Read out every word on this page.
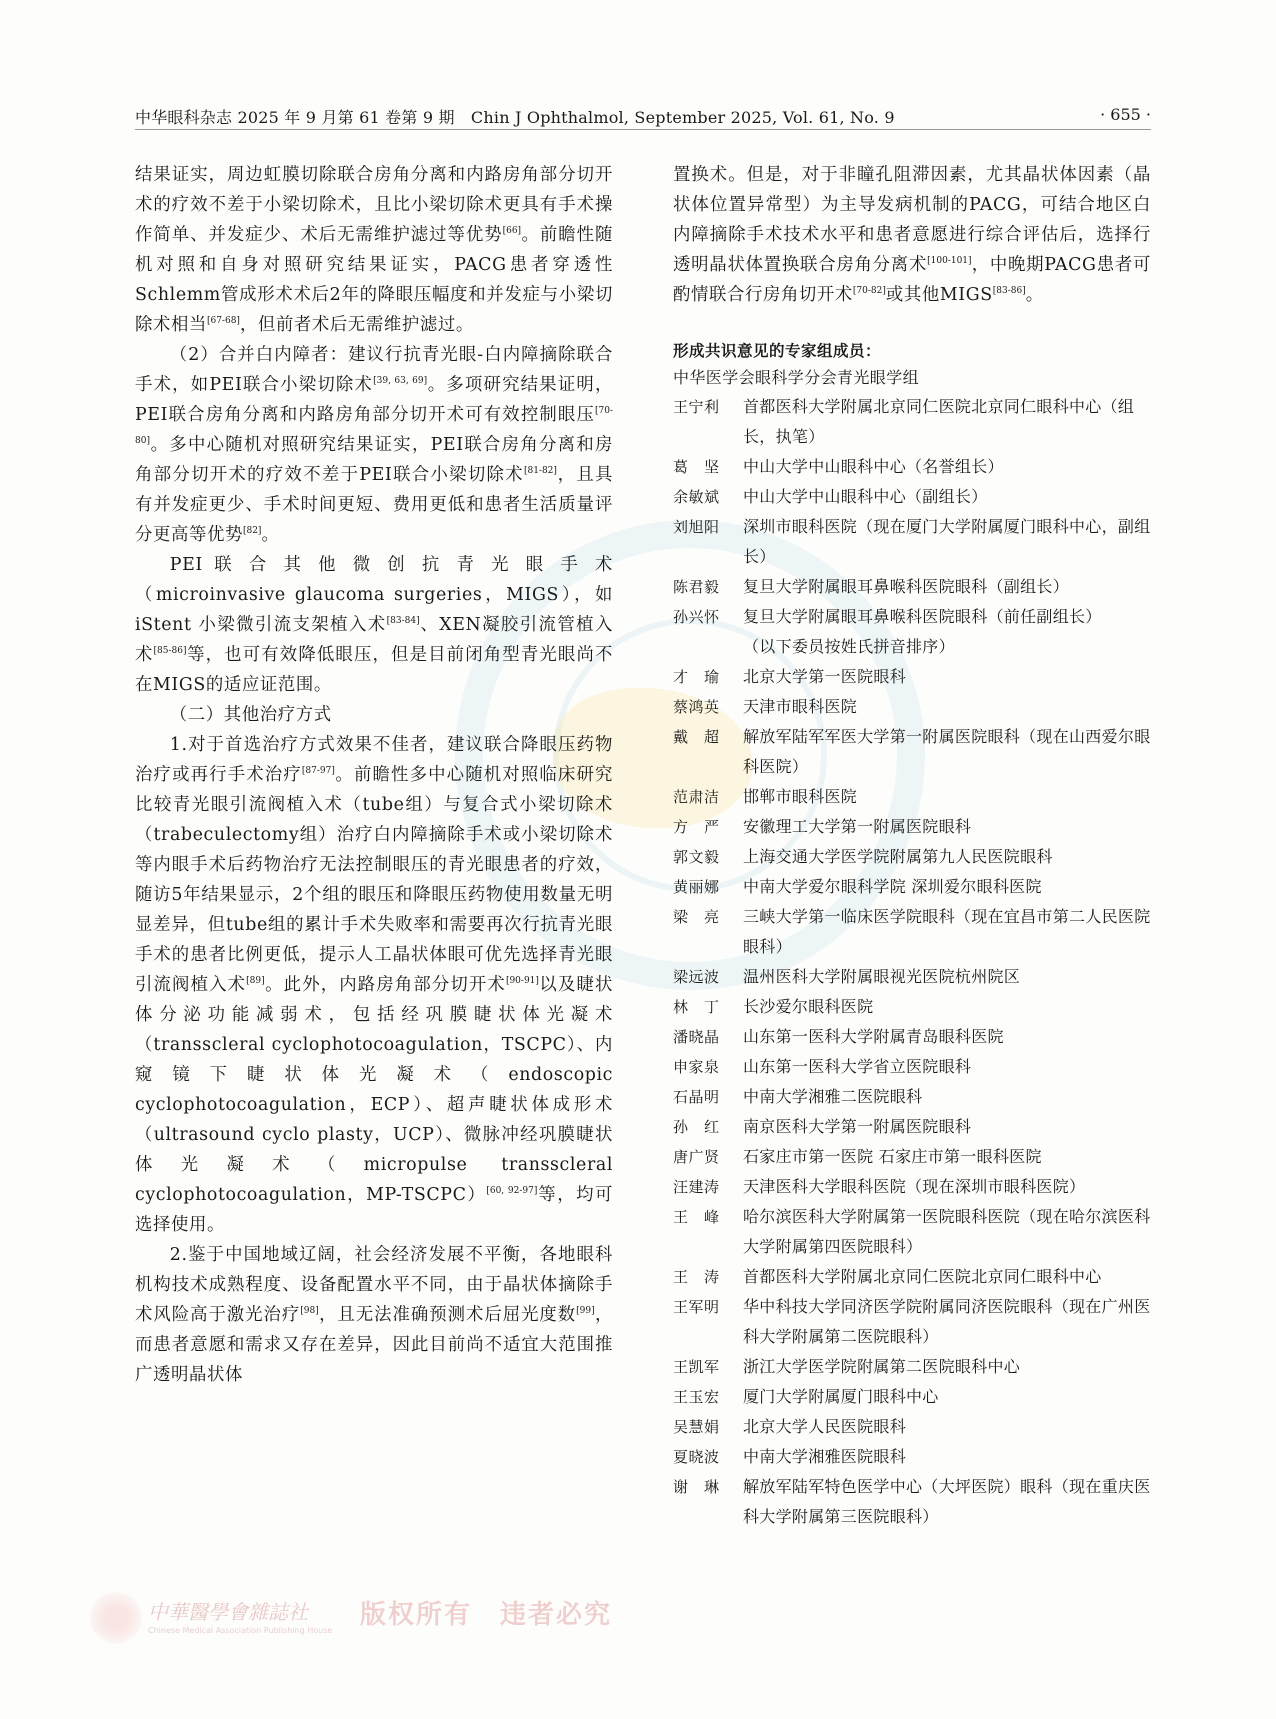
中华眼科杂志 2025 年 9 月第 61 卷第 9 期　Chin J Ophthalmol, September 2025, Vol. 61, No. 9	· 655 ·

结果证实，周边虹膜切除联合房角分离和内路房角部分切开术的疗效不差于小梁切除术，且比小梁切除术更具有手术操作简单、并发症少、术后无需维护滤过等优势[66]。前瞻性随机对照和自身对照研究结果证实，PACG患者穿透性Schlemm管成形术术后2年的降眼压幅度和并发症与小梁切除术相当[67-68]，但前者术后无需维护滤过。

（2）合并白内障者：建议行抗青光眼-白内障摘除联合手术，如PEI联合小梁切除术[39, 63, 69]。多项研究结果证明，PEI联合房角分离和内路房角部分切开术可有效控制眼压[70-80]。多中心随机对照研究结果证实，PEI联合房角分离和房角部分切开术的疗效不差于PEI联合小梁切除术[81-82]，且具有并发症更少、手术时间更短、费用更低和患者生活质量评分更高等优势[82]。

PEI 联 合 其 他 微 创 抗 青 光 眼 手 术（microinvasive glaucoma surgeries，MIGS），如 iStent 小梁微引流支架植入术[83-84]、XEN凝胶引流管植入术[85-86]等，也可有效降低眼压，但是目前闭角型青光眼尚不在MIGS的适应证范围。

（二）其他治疗方式

1.对于首选治疗方式效果不佳者，建议联合降眼压药物治疗或再行手术治疗[87-97]。前瞻性多中心随机对照临床研究比较青光眼引流阀植入术（tube组）与复合式小梁切除术（trabeculectomy组）治疗白内障摘除手术或小梁切除术等内眼手术后药物治疗无法控制眼压的青光眼患者的疗效，随访5年结果显示，2个组的眼压和降眼压药物使用数量无明显差异，但tube组的累计手术失败率和需要再次行抗青光眼手术的患者比例更低，提示人工晶状体眼可优先选择青光眼引流阀植入术[89]。此外，内路房角部分切开术[90-91]以及睫状体分泌功能减弱术，包括经巩膜睫状体光凝术（transscleral cyclophotocoagulation，TSCPC）、内窥镜下睫状体光凝术（endoscopic cyclophotocoagulation，ECP）、超声睫状体成形术（ultrasound cyclo plasty，UCP）、微脉冲经巩膜睫状体光凝术（micropulse transscleral cyclophotocoagulation，MP-TSCPC）[60, 92-97]等，均可选择使用。

2.鉴于中国地域辽阔，社会经济发展不平衡，各地眼科机构技术成熟程度、设备配置水平不同，由于晶状体摘除手术风险高于激光治疗[98]，且无法准确预测术后屈光度数[99]，而患者意愿和需求又存在差异，因此目前尚不适宜大范围推广透明晶状体

置换术。但是，对于非瞳孔阻滞因素，尤其晶状体因素（晶状体位置异常型）为主导发病机制的PACG，可结合地区白内障摘除手术技术水平和患者意愿进行综合评估后，选择行透明晶状体置换联合房角分离术[100-101]，中晚期PACG患者可酌情联合行房角切开术[70-82]或其他MIGS[83-86]。

形成共识意见的专家组成员：
中华医学会眼科学分会青光眼学组
王宁利	首都医科大学附属北京同仁医院北京同仁眼科中心（组长，执笔）
葛　坚	中山大学中山眼科中心（名誉组长）
余敏斌	中山大学中山眼科中心（副组长）
刘旭阳	深圳市眼科医院（现在厦门大学附属厦门眼科中心，副组长）
陈君毅	复旦大学附属眼耳鼻喉科医院眼科（副组长）
孙兴怀	复旦大学附属眼耳鼻喉科医院眼科（前任副组长）
（以下委员按姓氏拼音排序）
才　瑜	北京大学第一医院眼科
蔡鸿英	天津市眼科医院
戴　超	解放军陆军军医大学第一附属医院眼科（现在山西爱尔眼科医院）
范肃洁	邯郸市眼科医院
方　严	安徽理工大学第一附属医院眼科
郭文毅	上海交通大学医学院附属第九人民医院眼科
黄丽娜	中南大学爱尔眼科学院 深圳爱尔眼科医院
梁　亮	三峡大学第一临床医学院眼科（现在宜昌市第二人民医院眼科）
梁远波	温州医科大学附属眼视光医院杭州院区
林　丁	长沙爱尔眼科医院
潘晓晶	山东第一医科大学附属青岛眼科医院
申家泉	山东第一医科大学省立医院眼科
石晶明	中南大学湘雅二医院眼科
孙　红	南京医科大学第一附属医院眼科
唐广贤	石家庄市第一医院 石家庄市第一眼科医院
汪建涛	天津医科大学眼科医院（现在深圳市眼科医院）
王　峰	哈尔滨医科大学附属第一医院眼科医院（现在哈尔滨医科大学附属第四医院眼科）
王　涛	首都医科大学附属北京同仁医院北京同仁眼科中心
王军明	华中科技大学同济医学院附属同济医院眼科（现在广州医科大学附属第二医院眼科）
王凯军	浙江大学医学院附属第二医院眼科中心
王玉宏	厦门大学附属厦门眼科中心
吴慧娟	北京大学人民医院眼科
夏晓波	中南大学湘雅医院眼科
谢　琳	解放军陆军特色医学中心（大坪医院）眼科（现在重庆医科大学附属第三医院眼科）
中華醫學會雜誌社
Chinese Medical Association Publishing House
版权所有　违者必究
